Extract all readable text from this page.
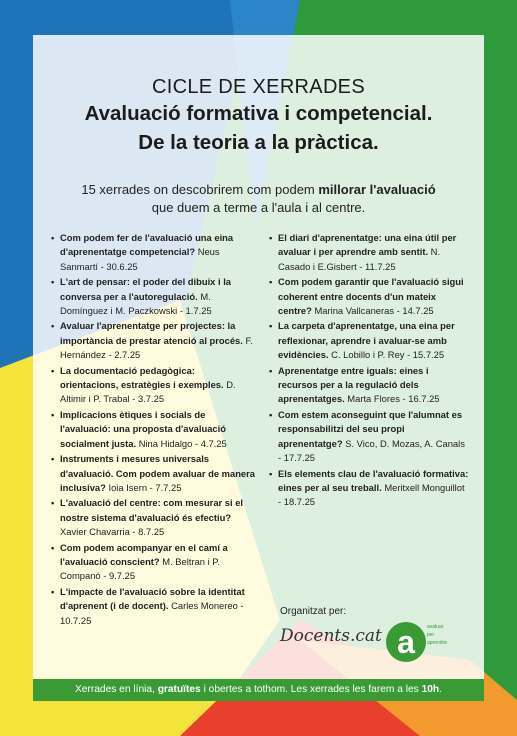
CICLE DE XERRADES
Avaluació formativa i competencial.
De la teoria a la pràctica.
15 xerrades on descobrirem com podem millorar l'avaluació
que duem a terme a l'aula i al centre.
• Com podem fer de l'avaluació una eina d'aprenentatge competencial? Neus Sanmartí - 30.6.25
• L'art de pensar: el poder del dibuix i la conversa per a l'autoregulació. M. Domínguez i M. Paczkowski - 1.7.25
• Avaluar l'aprenentatge per projectes: la importància de prestar atenció al procés. F. Hernández - 2.7.25
• La documentació pedagògica: orientacions, estratègies i exemples. D. Altimir i P. Trabal - 3.7.25
• Implicacions ètiques i socials de l'avaluació: una proposta d'avaluació socialment justa. Nina Hidalgo - 4.7.25
• Instruments i mesures universals d'avaluació. Com podem avaluar de manera inclusiva? Ioia Isern - 7.7.25
• L'avaluació del centre: com mesurar si el nostre sistema d'avaluació és efectiu? Xavier Chavarria - 8.7.25
• Com podem acompanyar en el camí a l'avaluació conscient? M. Beltran i P. Companó - 9.7.25
• L'impacte de l'avaluació sobre la identitat d'aprenent (i de docent). Carles Monereo - 10.7.25
• El diari d'aprenentatge: una eina útil per avaluar i per aprendre amb sentit. N. Casado i E.Gisbert - 11.7.25
• Com podem garantir que l'avaluació sigui coherent entre docents d'un mateix centre? Marina Vallcaneras - 14.7.25
• La carpeta d'aprenentatge, una eina per reflexionar, aprendre i avaluar-se amb evidències. C. Lobillo i P. Rey - 15.7.25
• Aprenentatge entre iguals: eines i recursos per a la regulació dels aprenentatges. Marta Flores - 16.7.25
• Com estem aconseguint que l'alumnat es responsabilitzi del seu propi aprenentatge? S. Vico, D. Mozas, A. Canals - 17.7.25
• Els elements clau de l'avaluació formativa: eines per al seu treball. Meritxell Monguillot - 18.7.25
Organitzat per:
Docents.cat a avaluar
per
aprendre
Xerrades en línia, gratuïtes i obertes a tothom. Les xerrades les farem a les 10h.
